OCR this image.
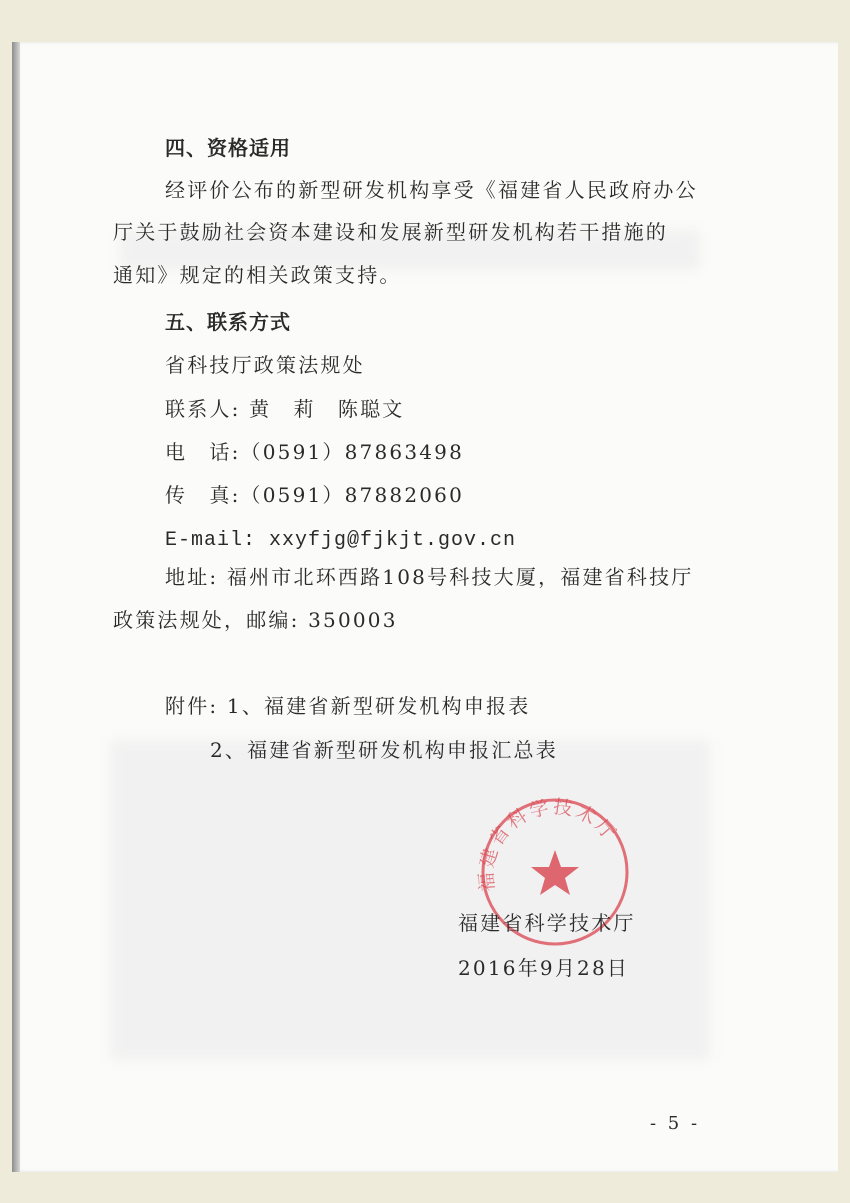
四、资格适用
经评价公布的新型研发机构享受《福建省人民政府办公
厅关于鼓励社会资本建设和发展新型研发机构若干措施的
通知》规定的相关政策支持。
五、联系方式
省科技厅政策法规处
联系人: 黄　莉　陈聪文
电　话:（0591）87863498
传　真:（0591）87882060
E-mail: xxyfjg@fjkjt.gov.cn
地址: 福州市北环西路108号科技大厦，福建省科技厅
政策法规处，邮编: 350003
附件: 1、福建省新型研发机构申报表
2、福建省新型研发机构申报汇总表
福建省科学技术厅
福建省科学技术厅
2016年9月28日
- 5 -
